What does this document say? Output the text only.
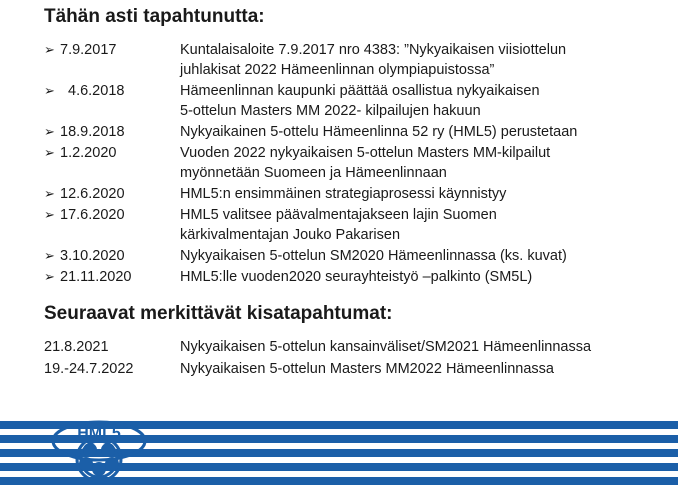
Tähän asti tapahtunutta:
➢ 7.9.2017	Kuntalaisaloite 7.9.2017 nro 4383: ”Nykyaikaisen viisiottelun
juhlakisat 2022 Hämeenlinnan olympiapuistossa”
➢ 4.6.2018	Hämeenlinnan kaupunki päättää osallistua nykyaikaisen
5-ottelun Masters MM 2022- kilpailujen hakuun
➢ 18.9.2018	Nykyaikainen 5-ottelu Hämeenlinna 52 ry (HML5) perustetaan
➢ 1.2.2020	Vuoden 2022 nykyaikaisen 5-ottelun Masters MM-kilpailut
myönnetään Suomeen ja Hämeenlinnaan
➢ 12.6.2020	HML5:n ensimmäinen strategiaprosessi käynnistyy
➢ 17.6.2020	HML5 valitsee päävalmentajakseen lajin Suomen
kärkivalmentajan Jouko Pakarisen
➢ 3.10.2020	Nykyaikaisen 5-ottelun SM2020 Hämeenlinnassa (ks. kuvat)
➢ 21.11.2020	HML5:lle vuoden2020 seurayhteistyö –palkinto (SM5L)
Seuraavat merkittävät kisatapahtumat:
21.8.2021	Nykyaikaisen 5-ottelun kansainväliset/SM2021 Hämeenlinnassa
19.-24.7.2022	Nykyaikaisen 5-ottelun Masters MM2022 Hämeenlinnassa
HML5
